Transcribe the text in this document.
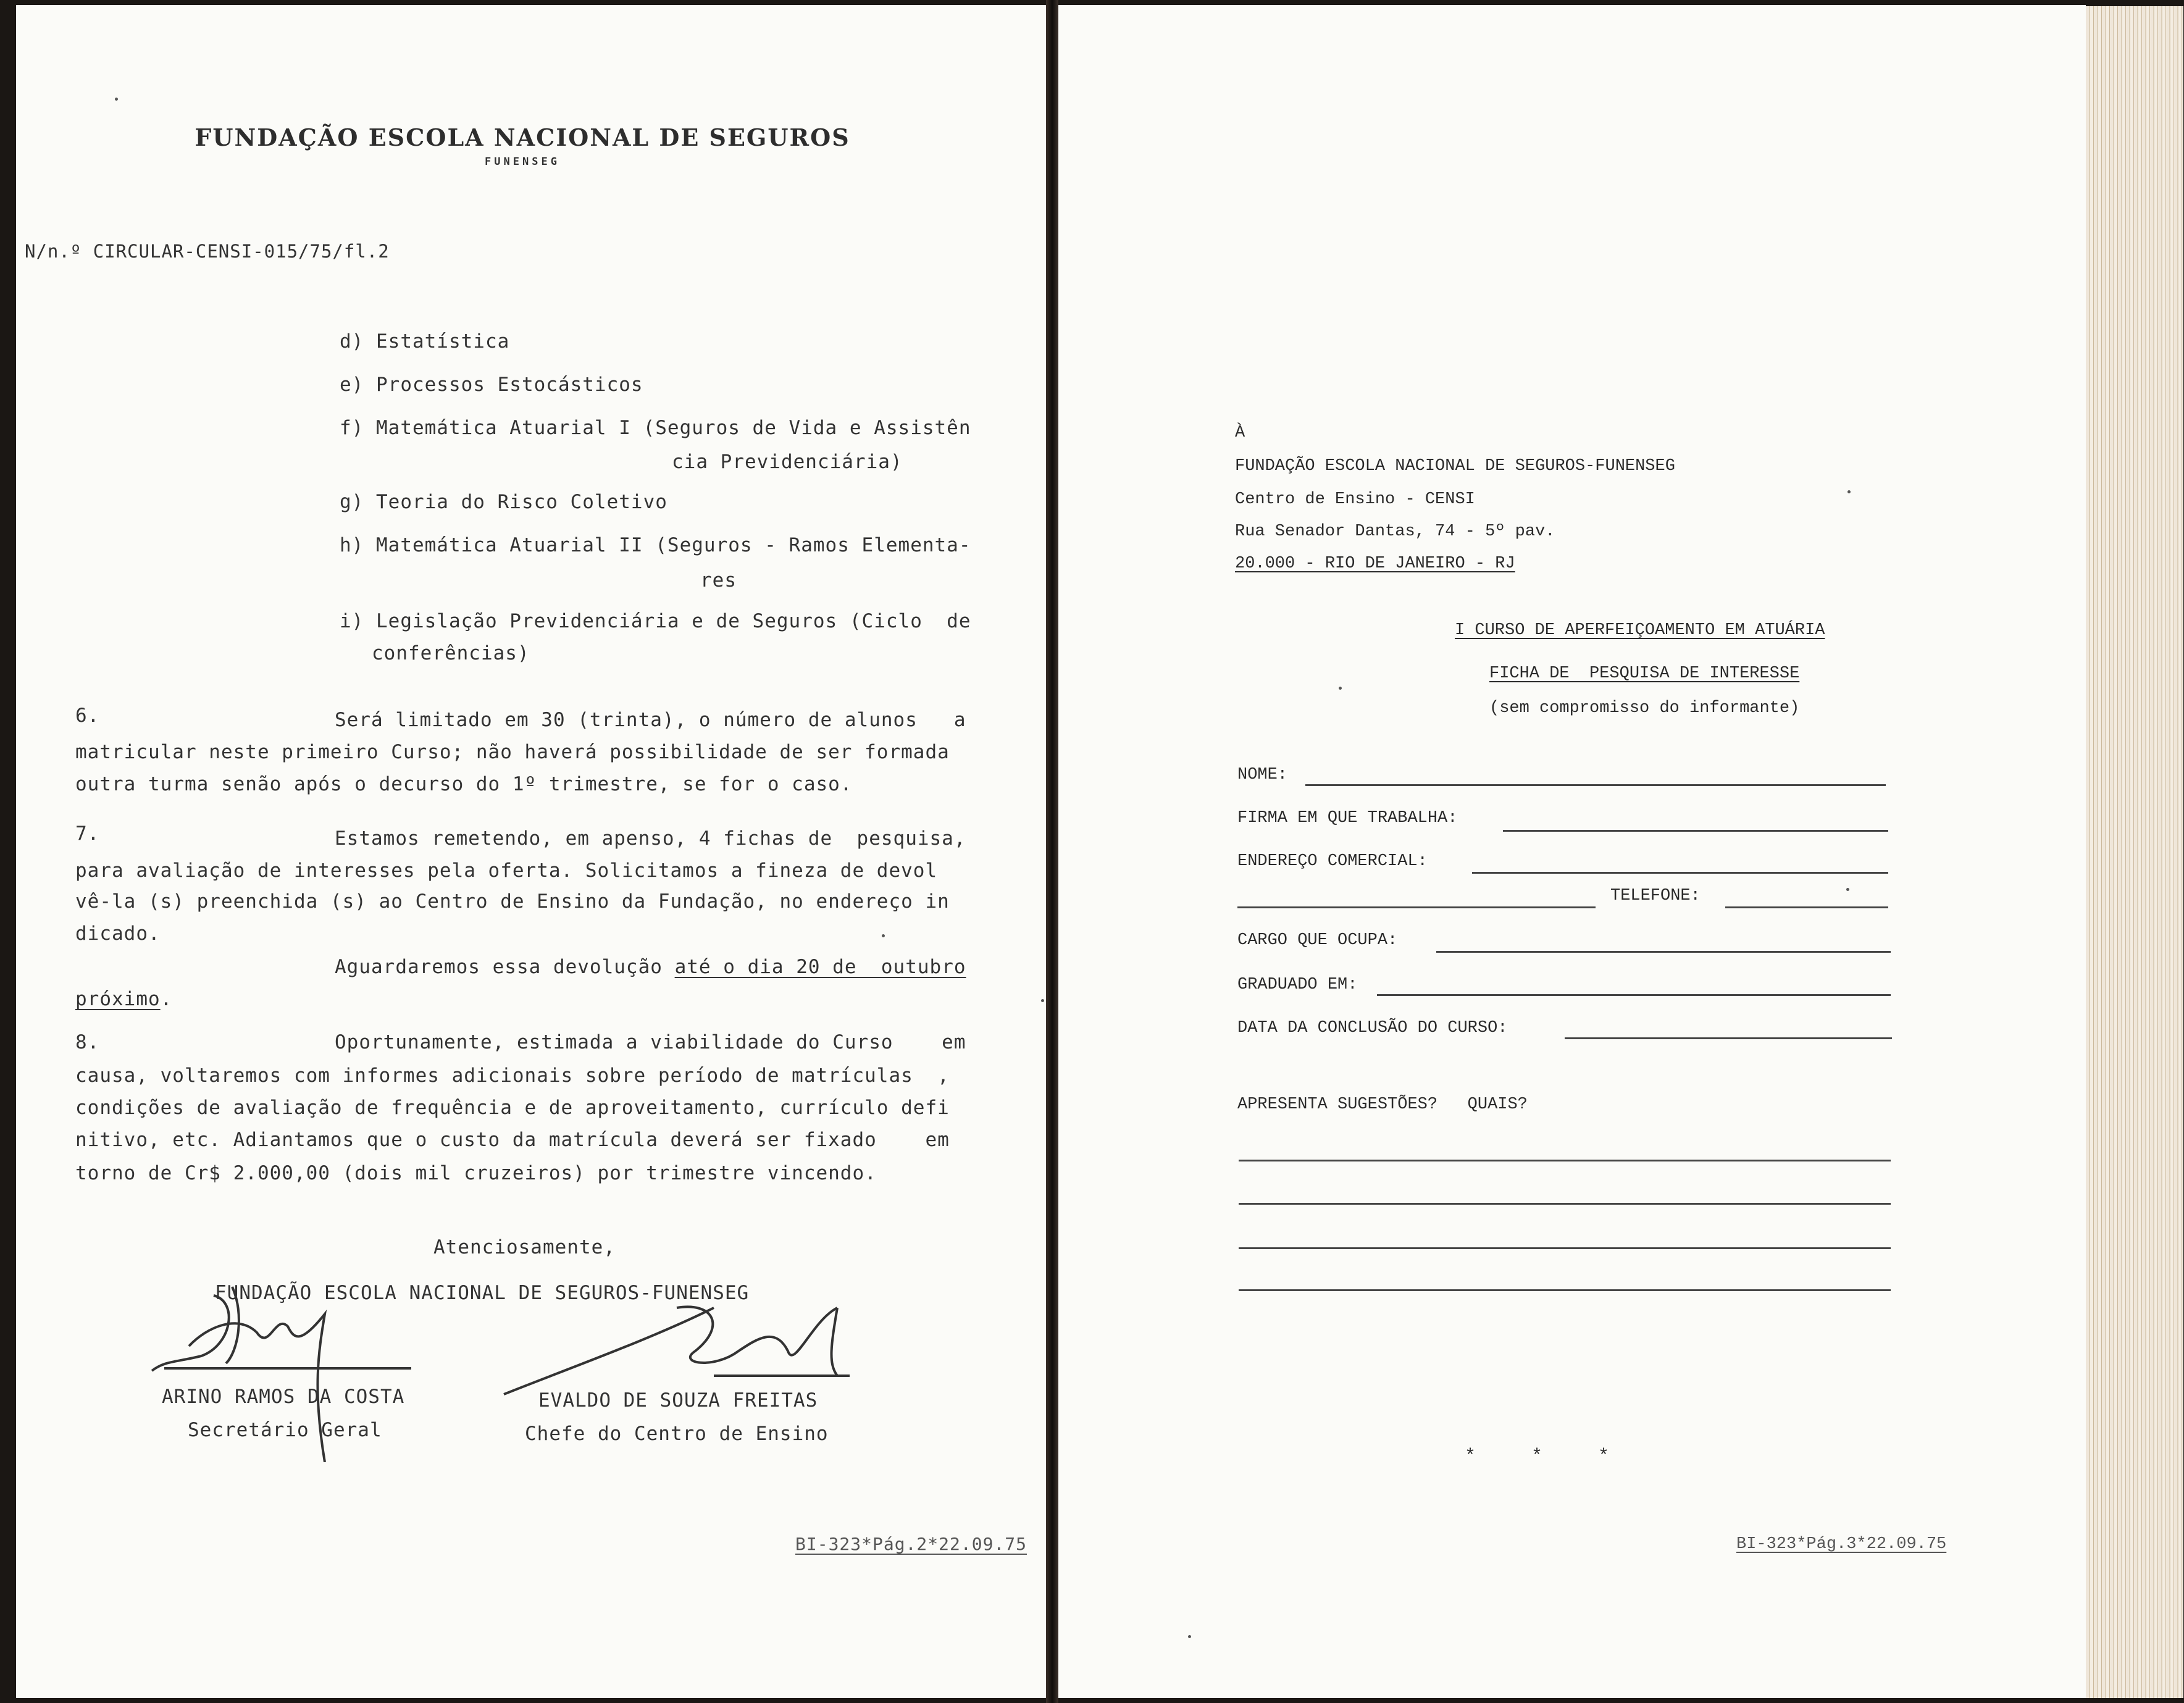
FUNDAÇÃO ESCOLA NACIONAL DE SEGUROS
FUNENSEG
N/n.º CIRCULAR-CENSI-015/75/fl.2
d) Estatística
e) Processos Estocásticos
f) Matemática Atuarial I (Seguros de Vida e Assistên
cia Previdenciária)
g) Teoria do Risco Coletivo
h) Matemática Atuarial II (Seguros - Ramos Elementa-
res
i) Legislação Previdenciária e de Seguros (Ciclo  de
conferências)
6.	Será limitado em 30 (trinta), o número de alunos   a
matricular neste primeiro Curso; não haverá possibilidade de ser formada
outra turma senão após o decurso do 1º trimestre, se for o caso.
7.	Estamos remetendo, em apenso, 4 fichas de  pesquisa,
para avaliação de interesses pela oferta. Solicitamos a fineza de devol
vê-la (s) preenchida (s) ao Centro de Ensino da Fundação, no endereço in
dicado.
Aguardaremos essa devolução até o dia 20 de  outubro
próximo.
8.	Oportunamente, estimada a viabilidade do Curso    em
causa, voltaremos com informes adicionais sobre período de matrículas  ,
condições de avaliação de frequência e de aproveitamento, currículo defi
nitivo, etc. Adiantamos que o custo da matrícula deverá ser fixado    em
torno de Cr$ 2.000,00 (dois mil cruzeiros) por trimestre vincendo.
Atenciosamente,
FUNDAÇÃO ESCOLA NACIONAL DE SEGUROS-FUNENSEG
ARINO RAMOS DA COSTA
Secretário Geral
EVALDO DE SOUZA FREITAS
Chefe do Centro de Ensino
BI-323*Pág.2*22.09.75
À
FUNDAÇÃO ESCOLA NACIONAL DE SEGUROS-FUNENSEG
Centro de Ensino - CENSI
Rua Senador Dantas, 74 - 5º pav.
20.000 - RIO DE JANEIRO - RJ
I CURSO DE APERFEIÇOAMENTO EM ATUÁRIA
FICHA DE  PESQUISA DE INTERESSE
(sem compromisso do informante)
NOME:
FIRMA EM QUE TRABALHA:
ENDEREÇO COMERCIAL:
TELEFONE:
CARGO QUE OCUPA:
GRADUADO EM:
DATA DA CONCLUSÃO DO CURSO:
APRESENTA SUGESTÕES? QUAIS?
*     *     *
BI-323*Pág.3*22.09.75
